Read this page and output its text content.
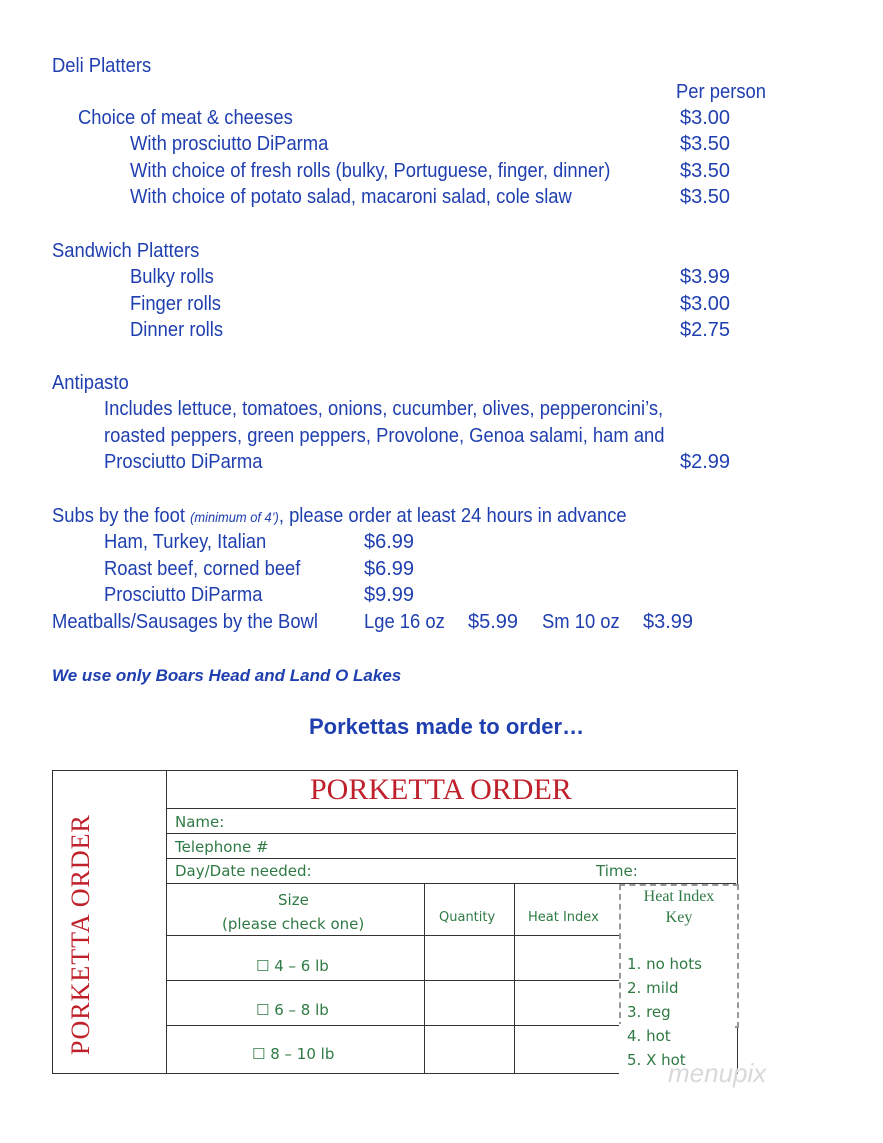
Deli Platters
Per person
Choice of meat & cheeses	$3.00
With prosciutto DiParma	$3.50
With choice of fresh rolls (bulky, Portuguese, finger, dinner)	$3.50
With choice of potato salad, macaroni salad, cole slaw	$3.50
Sandwich Platters
Bulky rolls	$3.99
Finger rolls	$3.00
Dinner rolls	$2.75
Antipasto
Includes lettuce, tomatoes, onions, cucumber, olives, pepperoncini’s,
roasted peppers, green peppers, Provolone, Genoa salami, ham and
Prosciutto DiParma	$2.99
Subs by the foot (minimum of 4’), please order at least 24 hours in advance
Ham, Turkey, Italian	$6.99
Roast beef, corned beef	$6.99
Prosciutto DiParma	$9.99
Meatballs/Sausages by the Bowl Lge 16 oz $5.99 Sm 10 oz $3.99
We use only Boars Head and Land O Lakes
Porkettas made to order…
PORKETTA ORDER
PORKETTA ORDER
Name:
Telephone #
Day/Date needed:	Time:
Size
(please check one)	Quantity	Heat Index
☐ 4 – 6 lb
☐ 6 – 8 lb
☐ 8 – 10 lb
Heat Index
Key
1. no hots
2. mild
3. reg
4. hot
5. X hot
menupix
